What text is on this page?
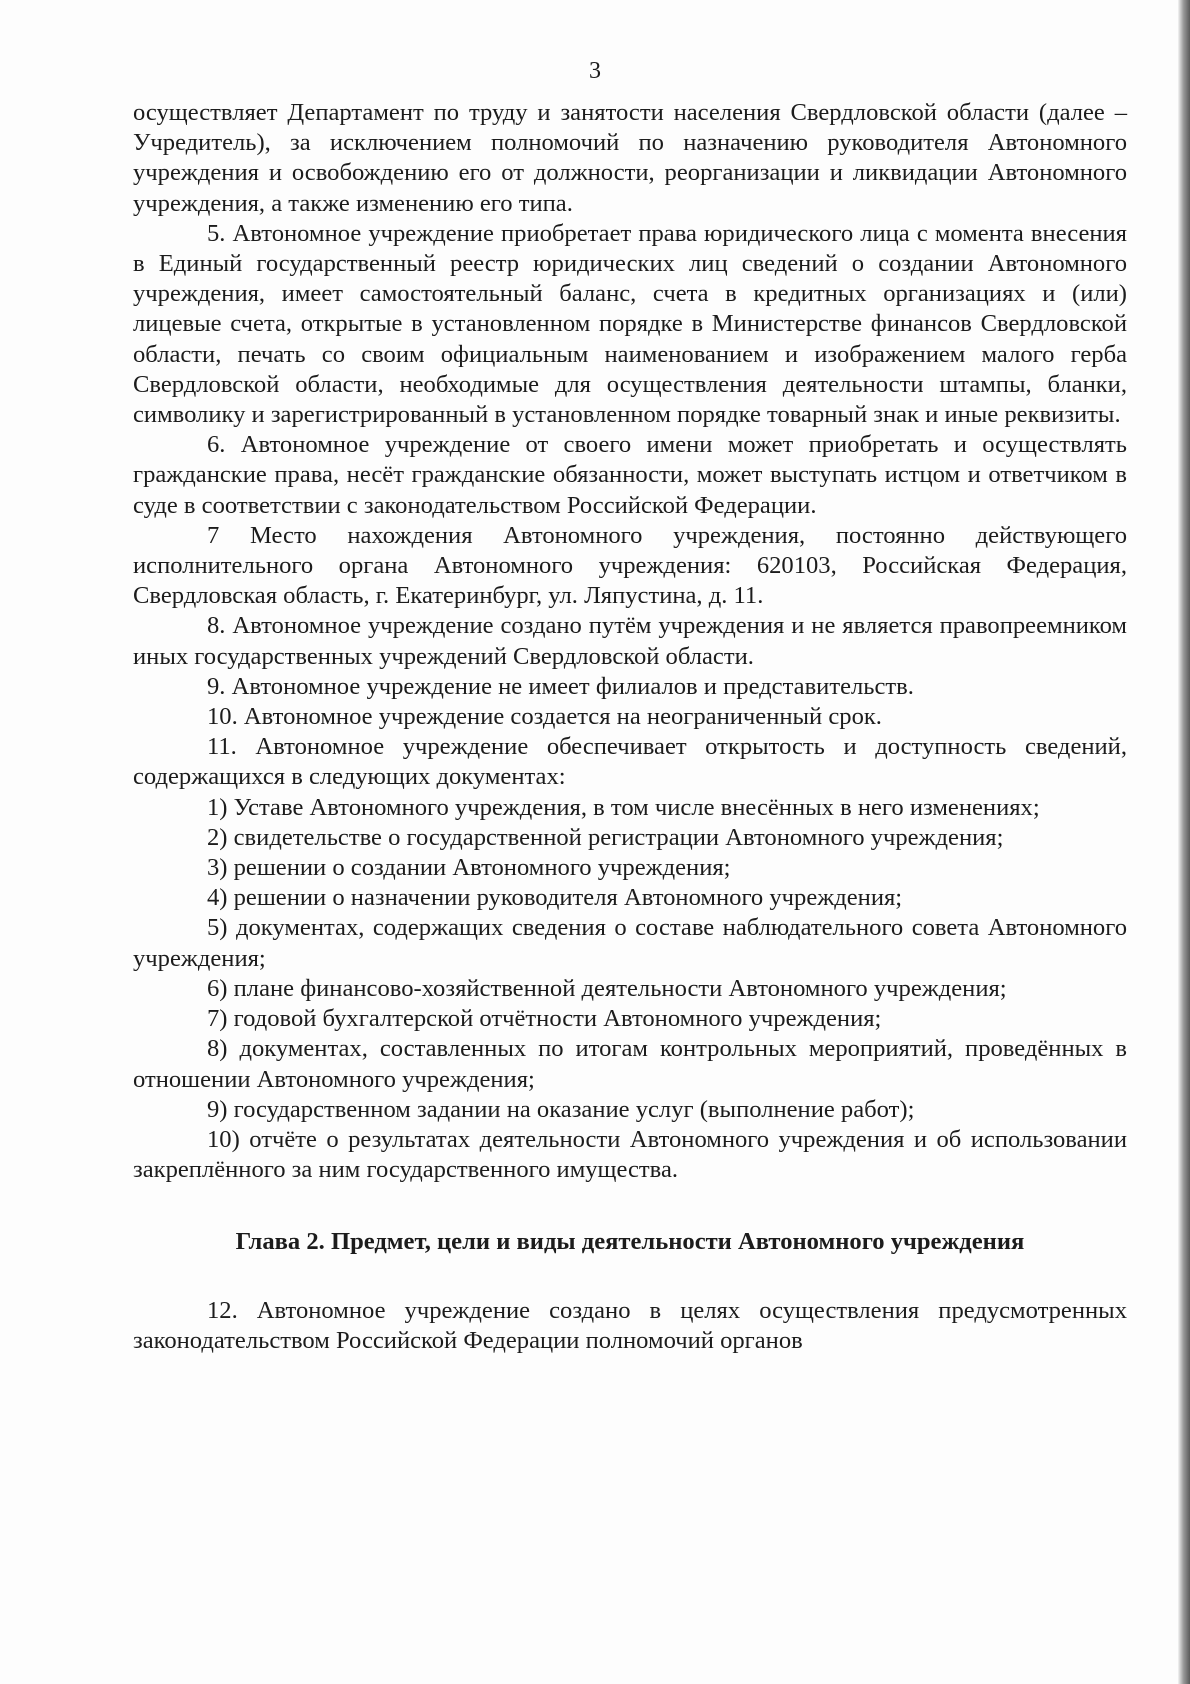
3

осуществляет Департамент по труду и занятости населения Свердловской области (далее – Учредитель), за исключением полномочий по назначению руководителя Автономного учреждения и освобождению его от должности, реорганизации и ликвидации Автономного учреждения, а также изменению его типа.

5. Автономное учреждение приобретает права юридического лица с момента внесения в Единый государственный реестр юридических лиц сведений о создании Автономного учреждения, имеет самостоятельный баланс, счета в кредитных организациях и (или) лицевые счета, открытые в установленном порядке в Министерстве финансов Свердловской области, печать со своим официальным наименованием и изображением малого герба Свердловской области, необходимые для осуществления деятельности штампы, бланки, символику и зарегистрированный в установленном порядке товарный знак и иные реквизиты.

6. Автономное учреждение от своего имени может приобретать и осуществлять гражданские права, несёт гражданские обязанности, может выступать истцом и ответчиком в суде в соответствии с законодательством Российской Федерации.

7 Место нахождения Автономного учреждения, постоянно действующего исполнительного органа Автономного учреждения: 620103, Российская Федерация, Свердловская область, г. Екатеринбург, ул. Ляпустина, д. 11.

8. Автономное учреждение создано путём учреждения и не является правопреемником иных государственных учреждений Свердловской области.

9. Автономное учреждение не имеет филиалов и представительств.

10. Автономное учреждение создается на неограниченный срок.

11. Автономное учреждение обеспечивает открытость и доступность сведений, содержащихся в следующих документах:

1) Уставе Автономного учреждения, в том числе внесённых в него изменениях;

2) свидетельстве о государственной регистрации Автономного учреждения;

3) решении о создании Автономного учреждения;

4) решении о назначении руководителя Автономного учреждения;

5) документах, содержащих сведения о составе наблюдательного совета Автономного учреждения;

6) плане финансово-хозяйственной деятельности Автономного учреждения;

7) годовой бухгалтерской отчётности Автономного учреждения;

8) документах, составленных по итогам контрольных мероприятий, проведённых в отношении Автономного учреждения;

9) государственном задании на оказание услуг (выполнение работ);

10) отчёте о результатах деятельности Автономного учреждения и об использовании закреплённого за ним государственного имущества.

Глава 2. Предмет, цели и виды деятельности Автономного учреждения

12. Автономное учреждение создано в целях осуществления предусмотренных законодательством Российской Федерации полномочий органов
